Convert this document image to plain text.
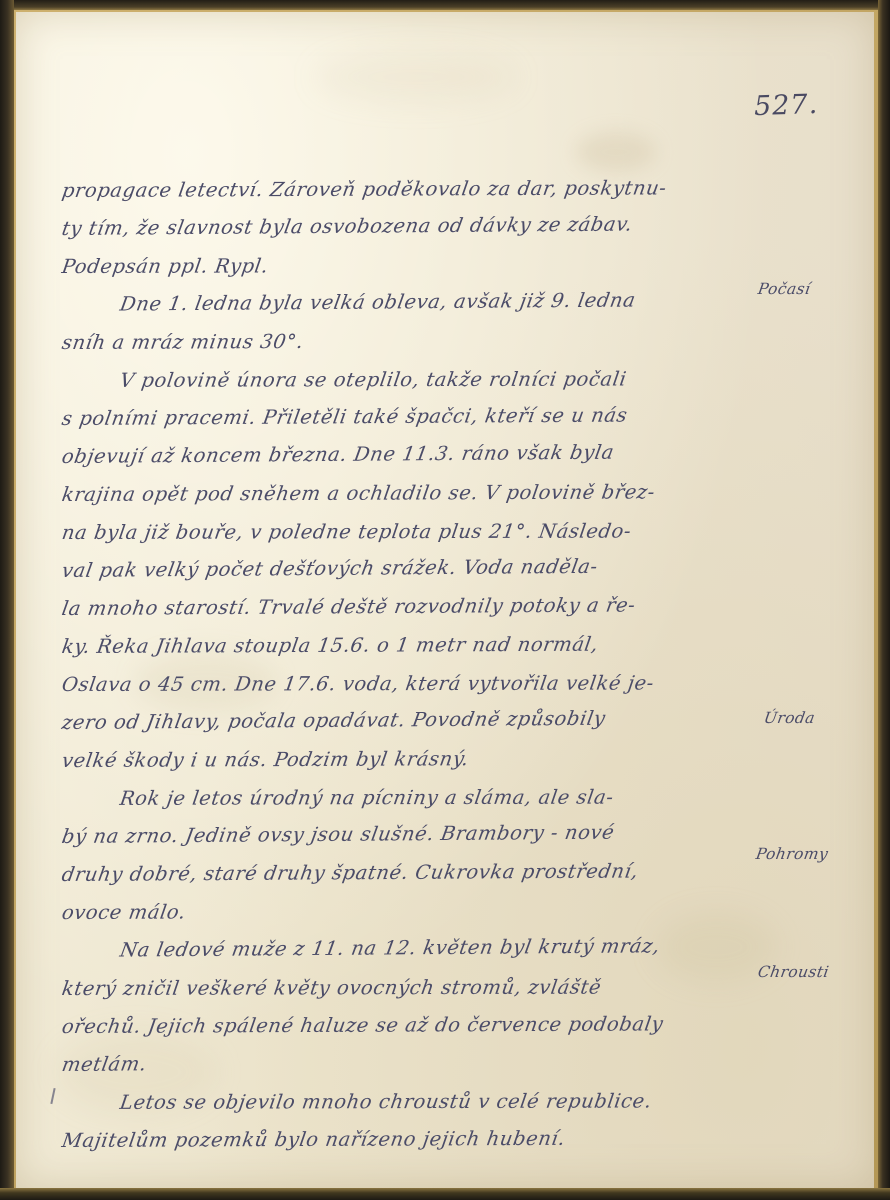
527.
propagace letectví. Zároveň poděkovalo za dar, poskytnu-
ty tím, že slavnost byla osvobozena od dávky ze zábav.
Podepsán ppl. Rypl.
Dne 1. ledna byla velká obleva, avšak již 9. ledna
sníh a mráz minus 30°.
V polovině února se oteplilo, takže rolníci počali
s polními pracemi. Přiletěli také špačci, kteří se u nás
objevují až koncem března. Dne 11.3. ráno však byla
krajina opět pod sněhem a ochladilo se. V polovině břez-
na byla již bouře, v poledne teplota plus 21°. Následo-
val pak velký počet dešťových srážek. Voda naděla-
la mnoho starostí. Trvalé deště rozvodnily potoky a ře-
ky. Řeka Jihlava stoupla 15.6. o 1 metr nad normál,
Oslava o 45 cm. Dne 17.6. voda, která vytvořila velké je-
zero od Jihlavy, počala opadávat. Povodně způsobily
velké škody i u nás. Podzim byl krásný.
Rok je letos úrodný na pícniny a sláma, ale sla-
bý na zrno. Jedině ovsy jsou slušné. Brambory - nové
druhy dobré, staré druhy špatné. Cukrovka prostřední,
ovoce málo.
Na ledové muže z 11. na 12. květen byl krutý mráz,
který zničil veškeré květy ovocných stromů, zvláště
ořechů. Jejich spálené haluze se až do července podobaly
metlám.
Letos se objevilo mnoho chroustů v celé republice.
Majitelům pozemků bylo nařízeno jejich hubení.
Počasí
Úroda
Pohromy
Chrousti
